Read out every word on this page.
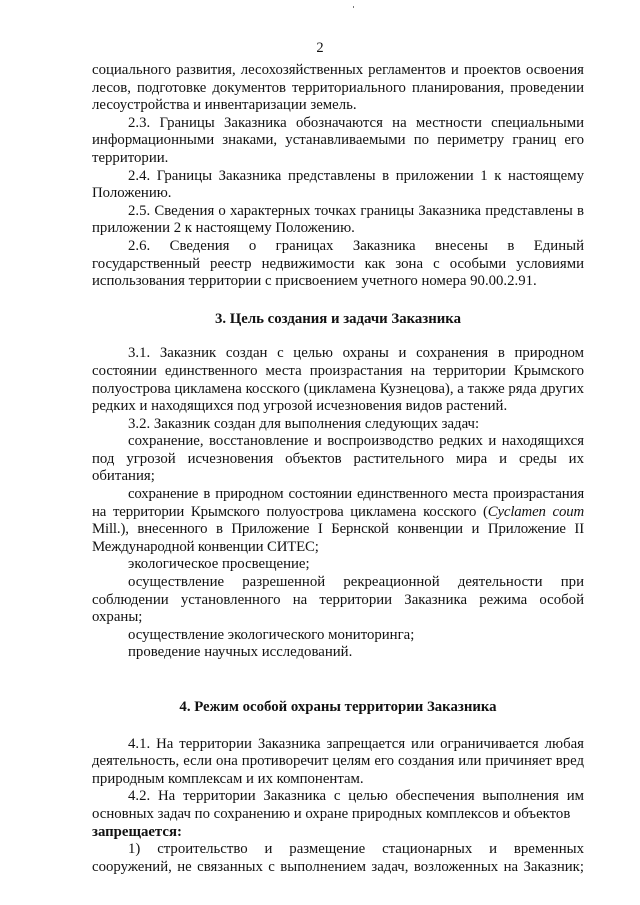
2

социального развития, лесохозяйственных регламентов и проектов освоения лесов, подготовке документов территориального планирования, проведении лесоустройства и инвентаризации земель.

2.3. Границы Заказника обозначаются на местности специальными информационными знаками, устанавливаемыми по периметру границ его территории.

2.4. Границы Заказника представлены в приложении 1 к настоящему Положению.

2.5. Сведения о характерных точках границы Заказника представлены в приложении 2 к настоящему Положению.

2.6. Сведения о границах Заказника внесены в Единый государственный реестр недвижимости как зона с особыми условиями использования территории с присвоением учетного номера 90.00.2.91.

3. Цель создания и задачи Заказника

3.1. Заказник создан с целью охраны и сохранения в природном состоянии единственного места произрастания на территории Крымского полуострова цикламена косского (цикламена Кузнецова), а также ряда других редких и находящихся под угрозой исчезновения видов растений.

3.2. Заказник создан для выполнения следующих задач:

сохранение, восстановление и воспроизводство редких и находящихся под угрозой исчезновения объектов растительного мира и среды их обитания;

сохранение в природном состоянии единственного места произрастания на территории Крымского полуострова цикламена косского (Cyclamen coum Mill.), внесенного в Приложение I Бернской конвенции и Приложение II Международной конвенции СИТЕС;

экологическое просвещение;

осуществление разрешенной рекреационной деятельности при соблюдении установленного на территории Заказника режима особой охраны;

осуществление экологического мониторинга;

проведение научных исследований.

4. Режим особой охраны территории Заказника

4.1. На территории Заказника запрещается или ограничивается любая деятельность, если она противоречит целям его создания или причиняет вред природным комплексам и их компонентам.

4.2. На территории Заказника с целью обеспечения выполнения им основных задач по сохранению и охране природных комплексов и объектов

запрещается:

1) строительство и размещение стационарных и временных сооружений, не связанных с выполнением задач, возложенных на Заказник;
